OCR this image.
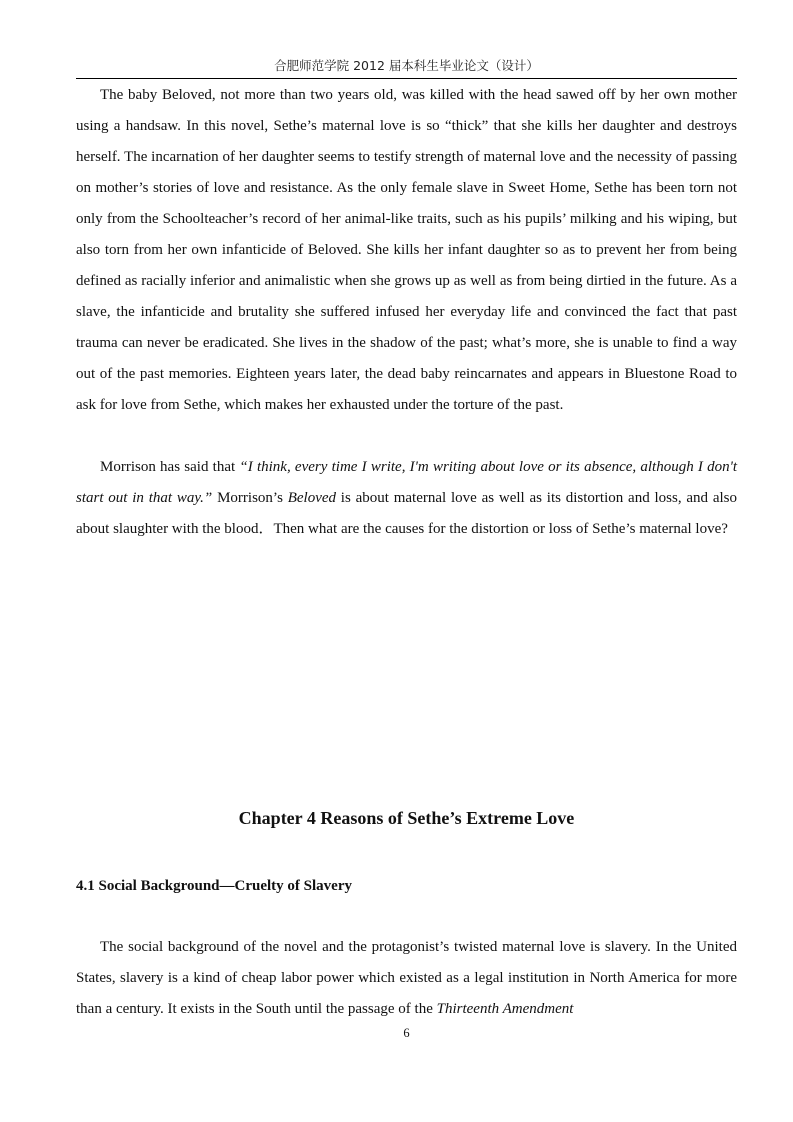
合肥师范学院 2012 届本科生毕业论文（设计）

The baby Beloved, not more than two years old, was killed with the head sawed off by her own mother using a handsaw. In this novel, Sethe’s maternal love is so “thick” that she kills her daughter and destroys herself. The incarnation of her daughter seems to testify strength of maternal love and the necessity of passing on mother’s stories of love and resistance. As the only female slave in Sweet Home, Sethe has been torn not only from the Schoolteacher’s record of her animal-like traits, such as his pupils’ milking and his wiping, but also torn from her own infanticide of Beloved. She kills her infant daughter so as to prevent her from being defined as racially inferior and animalistic when she grows up as well as from being dirtied in the future. As a slave, the infanticide and brutality she suffered infused her everyday life and convinced the fact that past trauma can never be eradicated. She lives in the shadow of the past; what’s more, she is unable to find a way out of the past memories. Eighteen years later, the dead baby reincarnates and appears in Bluestone Road to ask for love from Sethe, which makes her exhausted under the torture of the past.

Morrison has said that “I think, every time I write, I'm writing about love or its absence, although I don't start out in that way.” Morrison’s Beloved is about maternal love as well as its distortion and loss, and also about slaughter with the blood．Then what are the causes for the distortion or loss of Sethe’s maternal love?

Chapter 4 Reasons of Sethe’s Extreme Love
4.1 Social Background—Cruelty of Slavery

The social background of the novel and the protagonist’s twisted maternal love is slavery. In the United States, slavery is a kind of cheap labor power which existed as a legal institution in North America for more than a century. It exists in the South until the passage of the Thirteenth Amendment

6
